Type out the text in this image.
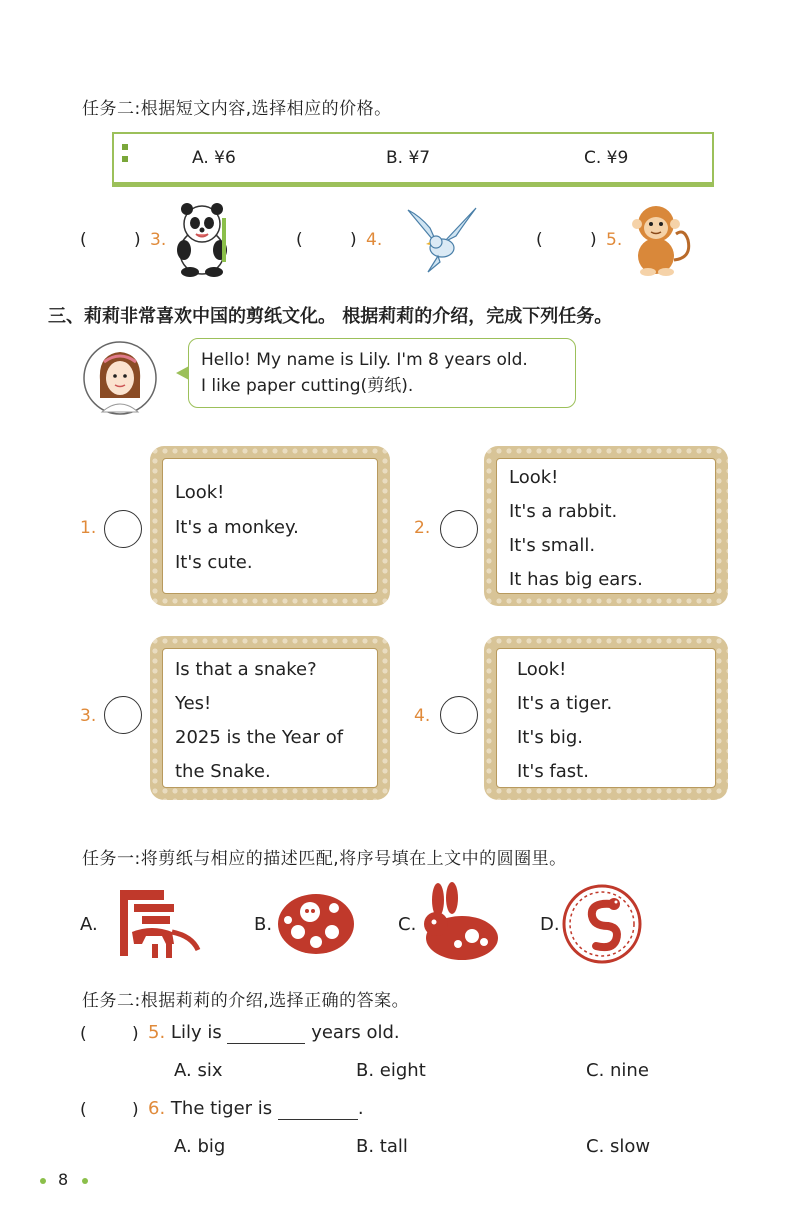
任务二:根据短文内容,选择相应的价格。
A. ¥6	B. ¥7	C. ¥9
(	) 3.	(	) 4.	(	) 5.
三、莉莉非常喜欢中国的剪纸文化。 根据莉莉的介绍，完成下列任务。
Hello! My name is Lily. I'm 8 years old.
I like paper cutting(剪纸).
1.
Look!
It's a monkey.
It's cute.
2.
Look!
It's a rabbit.
It's small.
It has big ears.
3.
Is that a snake?
Yes!
2025 is the Year of
the Snake.
4.
Look!
It's a tiger.
It's big.
It's fast.
任务一:将剪纸与相应的描述匹配,将序号填在上文中的圆圈里。
A.	B.	C.	D.
任务二:根据莉莉的介绍,选择正确的答案。
(	) 5. Lily is	years old.
A. six	B. eight	C. nine
(	) 6. The tiger is	.
A. big	B. tall	C. slow
8
